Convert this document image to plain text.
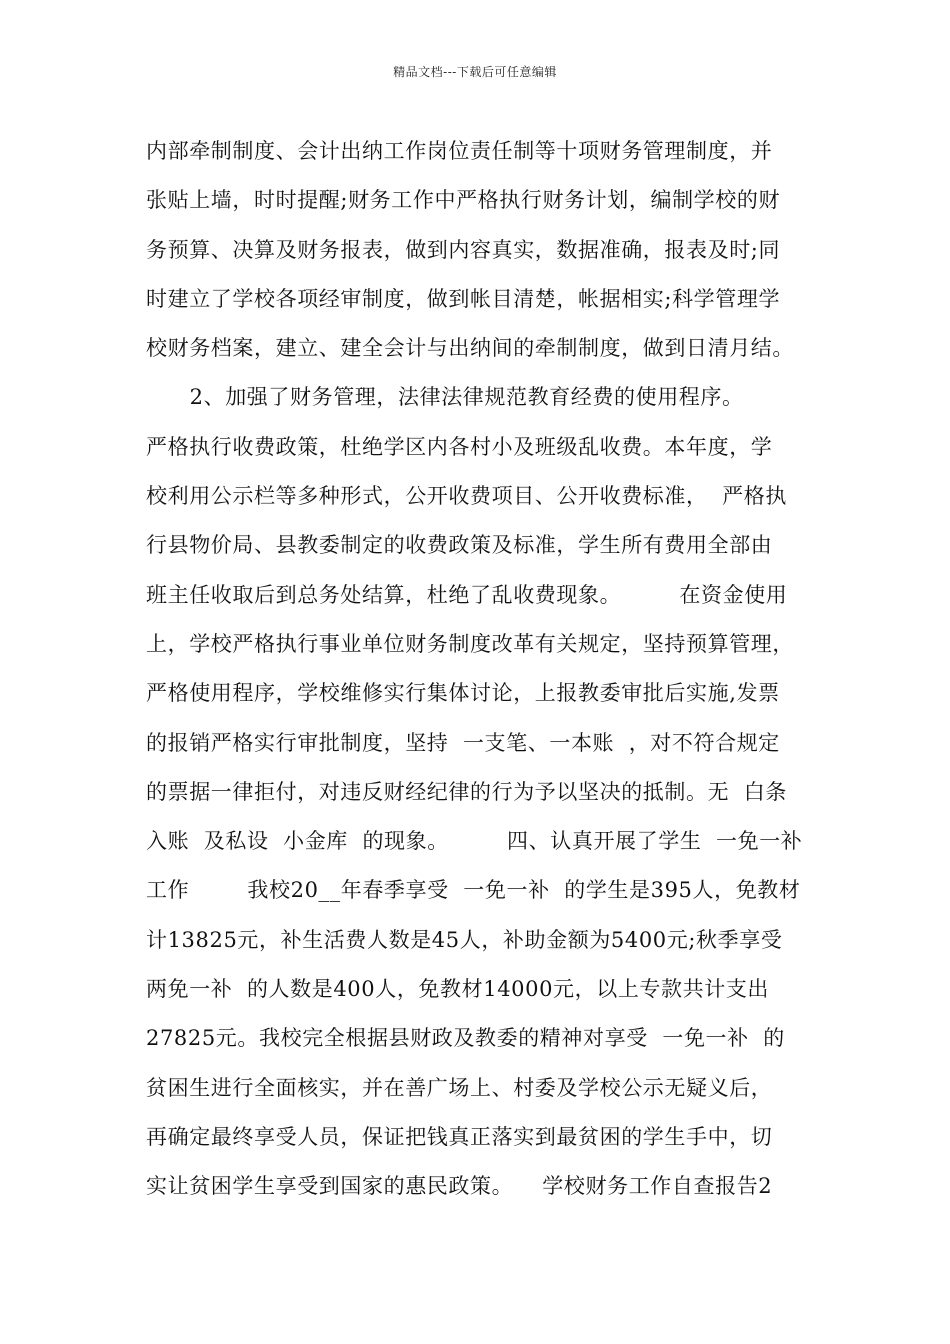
精品文档---下载后可任意编辑
内部牵制制度、会计出纳工作岗位责任制等十项财务管理制度，并
张贴上墙，时时提醒;财务工作中严格执行财务计划，编制学校的财
务预算、决算及财务报表，做到内容真实，数据准确，报表及时;同
时建立了学校各项经审制度，做到帐目清楚，帐据相实;科学管理学
校财务档案，建立、建全会计与出纳间的牵制制度，做到日清月结。
2、加强了财务管理，法律法律规范教育经费的使用程序。
严格执行收费政策，杜绝学区内各村小及班级乱收费。本年度，学
校利用公示栏等多种形式，公开收费项目、公开收费标准，  严格执
行县物价局、县教委制定的收费政策及标准，学生所有费用全部由
班主任收取后到总务处结算，杜绝了乱收费现象。        在资金使用
上，学校严格执行事业单位财务制度改革有关规定，坚持预算管理，
严格使用程序，学校维修实行集体讨论，上报教委审批后实施,发票
的报销严格实行审批制度，坚持  一支笔、一本账  ，对不符合规定
的票据一律拒付，对违反财经纪律的行为予以坚决的抵制。无  白条
入账  及私设  小金库  的现象。        四、认真开展了学生  一免一补
工作        我校20__年春季享受  一免一补  的学生是395人，免教材
计13825元，补生活费人数是45人，补助金额为5400元;秋季享受
两免一补  的人数是400人，免教材14000元，以上专款共计支出
27825元。我校完全根据县财政及教委的精神对享受  一免一补  的
贫困生进行全面核实，并在善广场上、村委及学校公示无疑义后，
再确定最终享受人员，保证把钱真正落实到最贫困的学生手中，切
实让贫困学生享受到国家的惠民政策。    学校财务工作自查报告2
